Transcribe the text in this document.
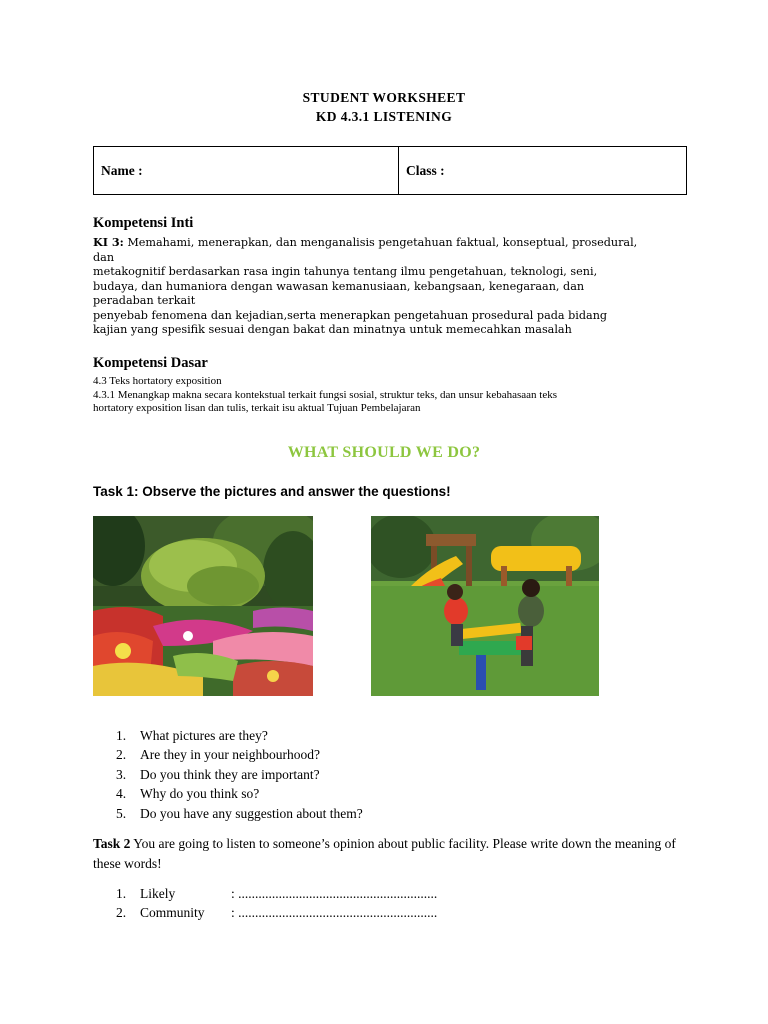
STUDENT WORKSHEET
KD 4.3.1 LISTENING
Name :	Class :
Kompetensi Inti

KI 3: Memahami, menerapkan, dan menganalisis pengetahuan faktual, konseptual, prosedural,

dan

metakognitif berdasarkan rasa ingin tahunya tentang ilmu pengetahuan, teknologi, seni,

budaya, dan humaniora dengan wawasan kemanusiaan, kebangsaan, kenegaraan, dan

peradaban terkait

penyebab fenomena dan kejadian,serta menerapkan pengetahuan prosedural pada bidang

kajian yang spesifik sesuai dengan bakat dan minatnya untuk memecahkan masalah

Kompetensi Dasar

4.3 Teks hortatory exposition

4.3.1 Menangkap makna secara kontekstual terkait fungsi sosial, struktur teks, dan unsur kebahasaan teks

hortatory exposition lisan dan tulis, terkait isu aktual Tujuan Pembelajaran

WHAT SHOULD WE DO?
Task 1: Observe the pictures and answer the questions!
1.	What pictures are they?
2.	Are they in your neighbourhood?
3.	Do you think they are important?
4.	Why do you think so?
5.	Do you have any suggestion about them?
Task 2 You are going to listen to someone’s opinion about public facility. Please write down the meaning of these words!
1.	Likely	: ...........................................................
2.	Community	: ...........................................................
